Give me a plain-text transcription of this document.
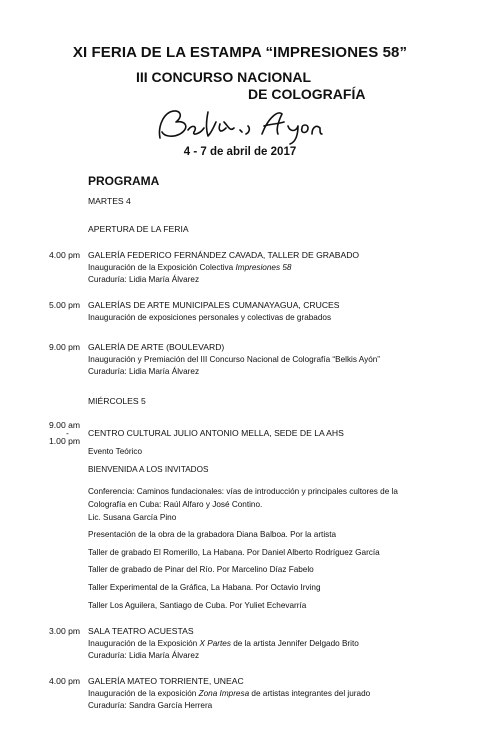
XI FERIA DE LA ESTAMPA “IMPRESIONES 58”
III CONCURSO NACIONAL
DE COLOGRAFÍA
4 - 7 de abril de 2017
PROGRAMA
MARTES 4
APERTURA DE LA FERIA
4.00 pm GALERÍA FEDERICO FERNÁNDEZ CAVADA, TALLER DE GRABADO
Inauguración de la Exposición Colectiva Impresiones 58
Curaduría: Lidia María Álvarez
5.00 pm GALERÍAS DE ARTE MUNICIPALES CUMANAYAGUA, CRUCES
Inauguración de exposiciones personales y colectivas de grabados
9.00 pm GALERÍA DE ARTE (BOULEVARD)
Inauguración y Premiación del III Concurso Nacional de Colografía “Belkis Ayón”
Curaduría: Lidia María Álvarez
MIÉRCOLES 5
9.00 am
-
1.00 pm
CENTRO CULTURAL JULIO ANTONIO MELLA, SEDE DE LA AHS
Evento Teórico
BIENVENIDA A LOS INVITADOS
Conferencia: Caminos fundacionales: vías de introducción y principales cultores de la
Colografía en Cuba: Raúl Alfaro y José Contino.
Lic. Susana García Pino
Presentación de la obra de la grabadora Diana Balboa. Por la artista
Taller de grabado El Romerillo, La Habana. Por Daniel Alberto Rodríguez García
Taller de grabado de Pinar del Río. Por Marcelino Díaz Fabelo
Taller Experimental de la Gráfica, La Habana. Por Octavio Irving
Taller Los Aguilera, Santiago de Cuba. Por Yuliet Echevarría
3.00 pm SALA TEATRO ACUESTAS
Inauguración de la Exposición X Partes de la artista Jennifer Delgado Brito
Curaduría: Lidia María Álvarez
4.00 pm GALERÍA MATEO TORRIENTE, UNEAC
Inauguración de la exposición Zona Impresa de artistas integrantes del jurado
Curaduría: Sandra García Herrera
